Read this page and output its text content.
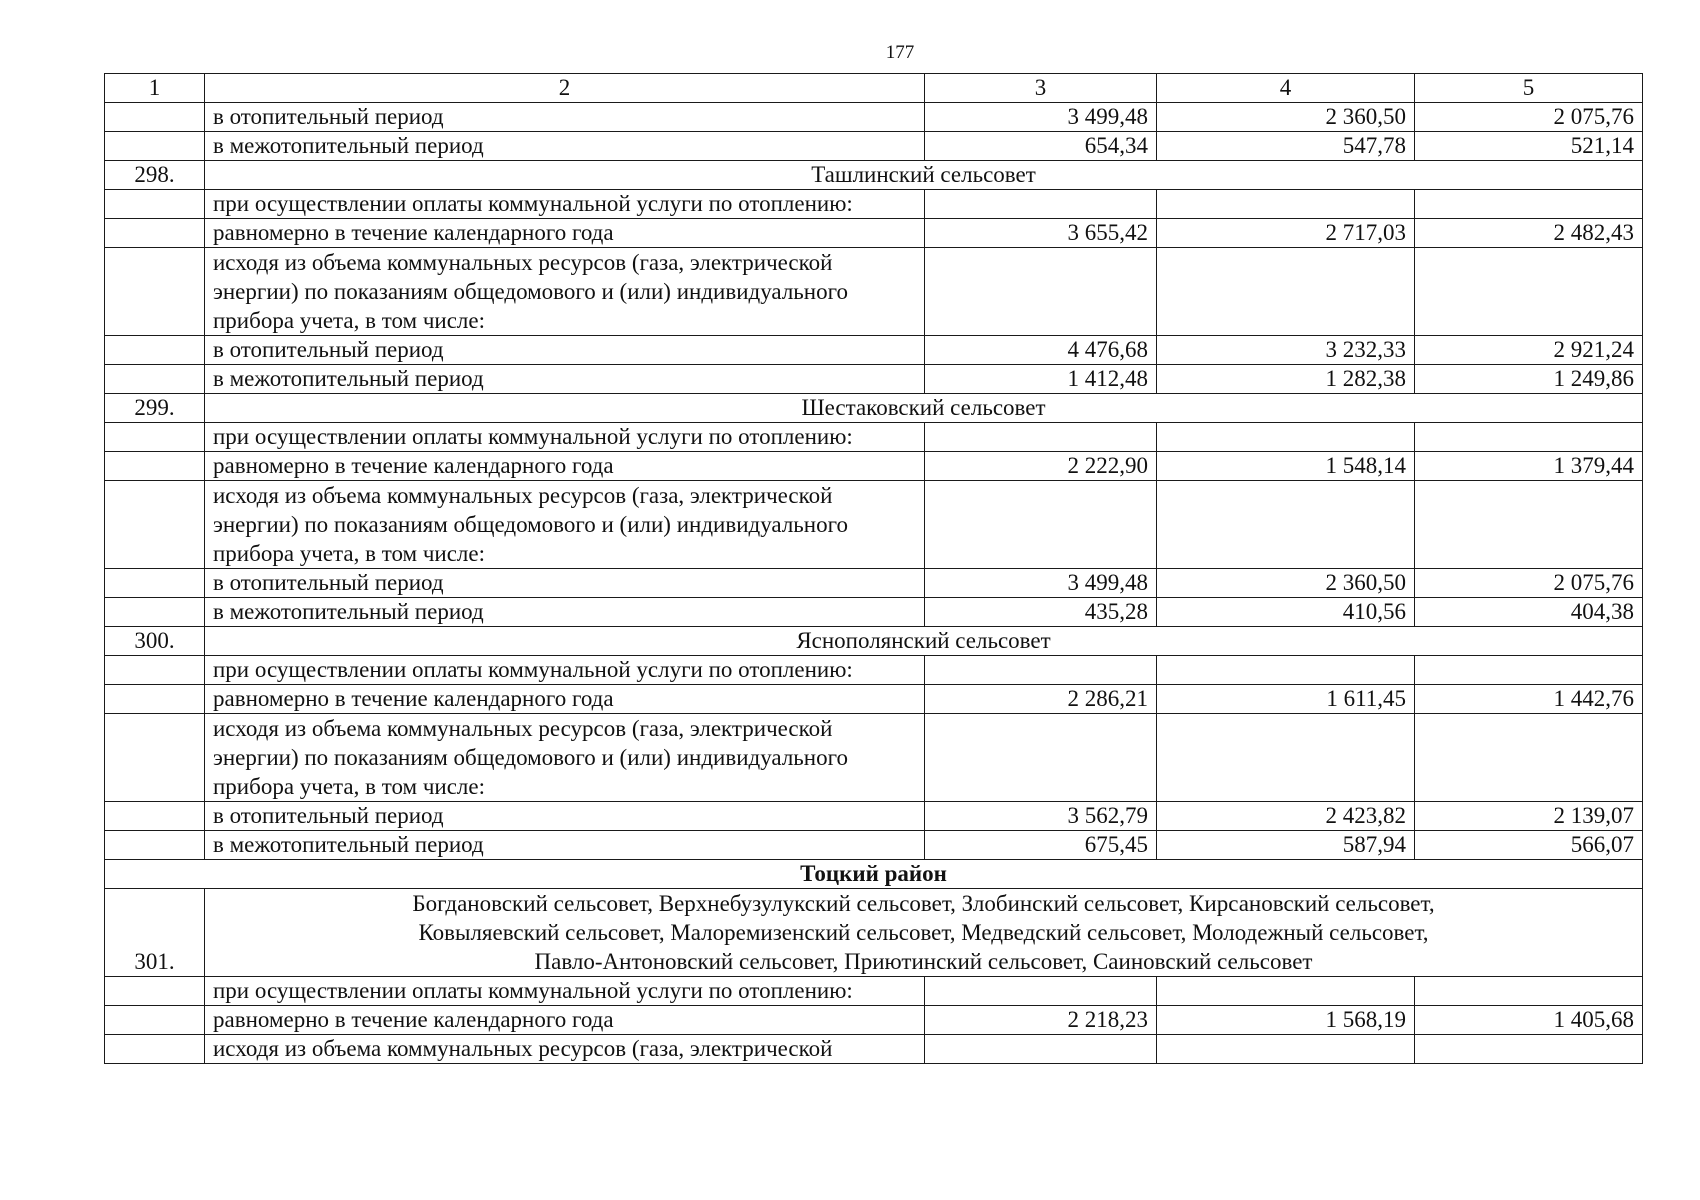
177
1	2	3	4	5
	в отопительный период	3 499,48	2 360,50	2 075,76
	в межотопительный период	654,34	547,78	521,14
298.	Ташлинский сельсовет			
	при осуществлении оплаты коммунальной услуги по отоплению:			
	равномерно в течение календарного года	3 655,42	2 717,03	2 482,43

	исходя из объема коммунальных ресурсов (газа, электрической
энергии) по показаниям общедомового и (или) индивидуального
прибора учета, в том числе:			

	в отопительный период	4 476,68	3 232,33	2 921,24
	в межотопительный период	1 412,48	1 282,38	1 249,86
299.	Шестаковский сельсовет			
	при осуществлении оплаты коммунальной услуги по отоплению:			
	равномерно в течение календарного года	2 222,90	1 548,14	1 379,44

	исходя из объема коммунальных ресурсов (газа, электрической
энергии) по показаниям общедомового и (или) индивидуального
прибора учета, в том числе:			

	в отопительный период	3 499,48	2 360,50	2 075,76
	в межотопительный период	435,28	410,56	404,38
300.	Яснополянский сельсовет			
	при осуществлении оплаты коммунальной услуги по отоплению:			
	равномерно в течение календарного года	2 286,21	1 611,45	1 442,76

	исходя из объема коммунальных ресурсов (газа, электрической
энергии) по показаниям общедомового и (или) индивидуального
прибора учета, в том числе:			

	в отопительный период	3 562,79	2 423,82	2 139,07
	в межотопительный период	675,45	587,94	566,07
Тоцкий район				
301.	Богдановский сельсовет, Верхнебузулукский сельсовет, Злобинский сельсовет, Кирсановский сельсовет,
Ковыляевский сельсовет, Малоремизенский сельсовет, Медведский сельсовет, Молодежный сельсовет,
Павло-Антоновский сельсовет, Приютинский сельсовет, Саиновский сельсовет			

	при осуществлении оплаты коммунальной услуги по отоплению:			
	равномерно в течение календарного года	2 218,23	1 568,19	1 405,68
	исходя из объема коммунальных ресурсов (газа, электрической			
